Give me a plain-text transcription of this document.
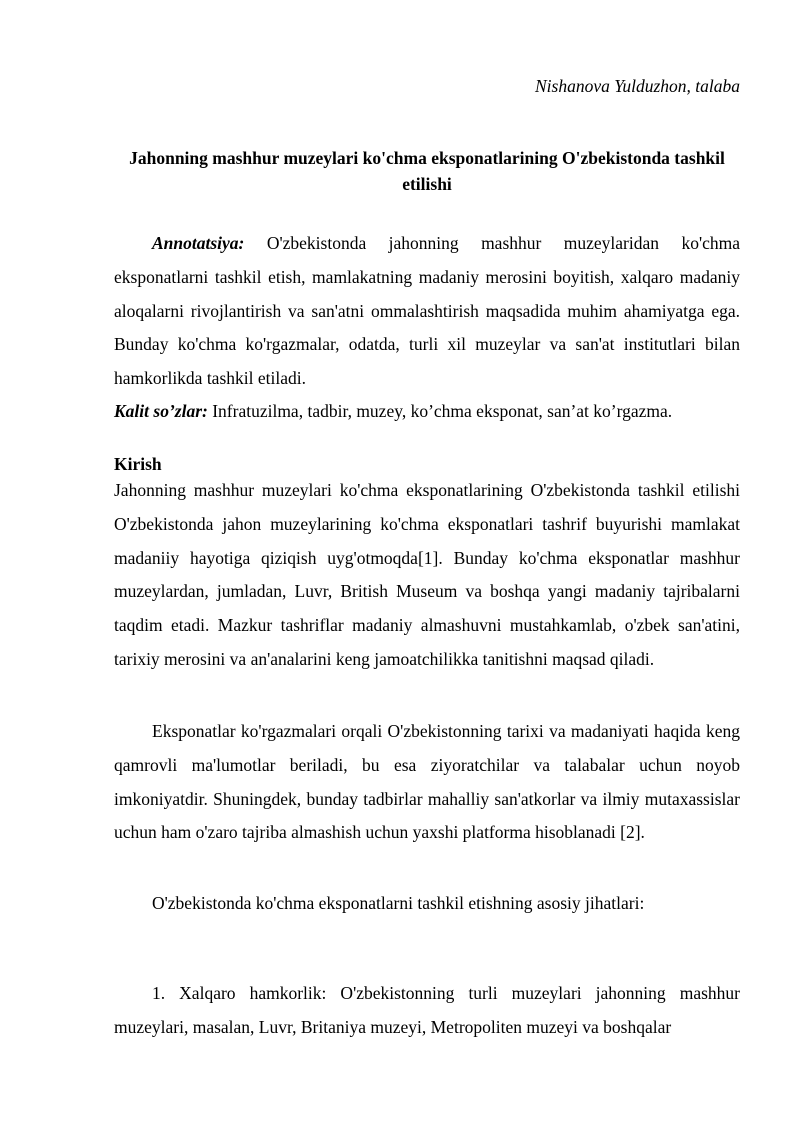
Nishanova Yulduzhon, talaba
Jahonning mashhur muzeylari ko'chma eksponatlarining O'zbekistonda tashkil etilishi

Annotatsiya: O'zbekistonda jahonning mashhur muzeylaridan ko'chma eksponatlarni tashkil etish, mamlakatning madaniy merosini boyitish, xalqaro madaniy aloqalarni rivojlantirish va san'atni ommalashtirish maqsadida muhim ahamiyatga ega. Bunday ko'chma ko'rgazmalar, odatda, turli xil muzeylar va san'at institutlari bilan hamkorlikda tashkil etiladi.

Kalit so’zlar: Infratuzilma, tadbir, muzey, ko’chma eksponat, san’at ko’rgazma.

Kirish

Jahonning mashhur muzeylari ko'chma eksponatlarining O'zbekistonda tashkil etilishi O'zbekistonda jahon muzeylarining ko'chma eksponatlari tashrif buyurishi mamlakat madaniiy hayotiga qiziqish uyg'otmoqda[1]. Bunday ko'chma eksponatlar mashhur muzeylardan, jumladan, Luvr, British Museum va boshqa yangi madaniy tajribalarni taqdim etadi. Mazkur tashriflar madaniy almashuvni mustahkamlab, o'zbek san'atini, tarixiy merosini va an'analarini keng jamoatchilikka tanitishni maqsad qiladi.

Eksponatlar ko'rgazmalari orqali O'zbekistonning tarixi va madaniyati haqida keng qamrovli ma'lumotlar beriladi, bu esa ziyoratchilar va talabalar uchun noyob imkoniyatdir. Shuningdek, bunday tadbirlar mahalliy san'atkorlar va ilmiy mutaxassislar uchun ham o'zaro tajriba almashish uchun yaxshi platforma hisoblanadi [2].

O'zbekistonda ko'chma eksponatlarni tashkil etishning asosiy jihatlari:

1. Xalqaro hamkorlik: O'zbekistonning turli muzeylari jahonning mashhur muzeylari, masalan, Luvr, Britaniya muzeyi, Metropoliten muzeyi va boshqalar
